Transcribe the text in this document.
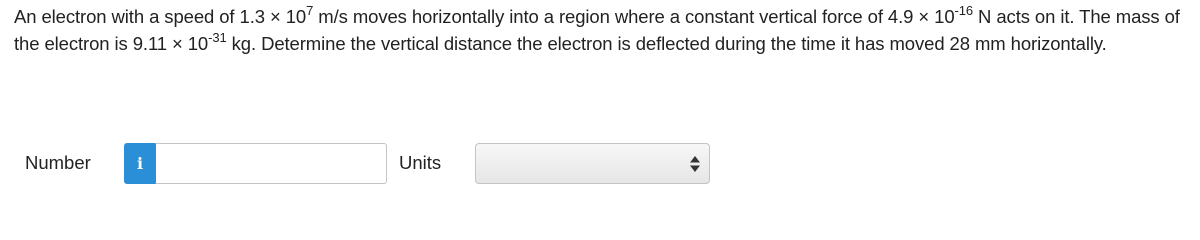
An electron with a speed of $1.3 \times 10^7$ m/s moves horizontally into a region where a constant vertical force of $4.9 \times 10^{-16}$ N acts on it. The mass of the electron is $9.11 \times 10^{-31}$ kg. Determine the vertical distance the electron is deflected during the time it has moved 28 mm horizontally.

Number	i	Units
